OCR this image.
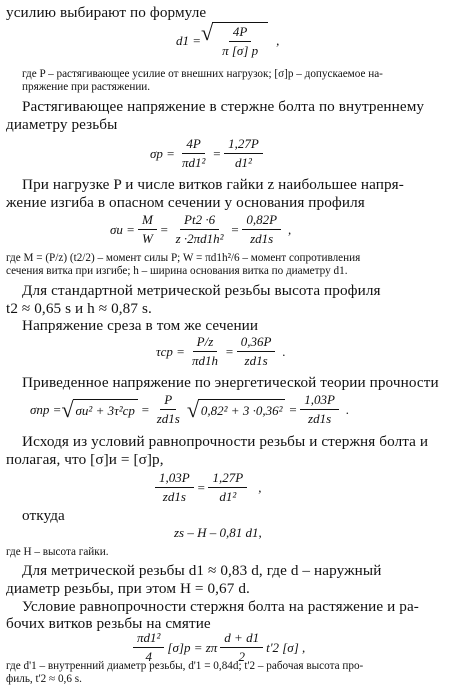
усилию выбирают по формуле
d1 = √ $\frac{4P}{\pi [\sigma] p}$ ,
где P – растягивающее усилие от внешних нагрузок; [σ]p – допускаемое на-
пряжение при растяжении.
Растягивающее напряжение в стержне болта по внутреннему
диаметру резьбы
$\sigma p = \frac{4P}{\text{πd1²}} = \frac{1,27P}{\text{d1²}}$
При нагрузке P и числе витков гайки z наибольшее напря-
жение изгиба в опасном сечении у основания профиля
$\sigma и = \frac{M}{W} = \frac{Pt2 \cdot 6}{\text{z ·2πd1h²}} = \frac{0,82P}{zd1s}$ ,
где M = (P/z) (t2/2) – момент силы P; W = πd1h²/6 – момент сопротивления
сечения витка при изгибе; h – ширина основания витка по диаметру d1.
Для стандартной метрической резьбы высота профиля
t2 ≈ 0,65 s и h ≈ 0,87 s.
Напряжение среза в том же сечении
$\tau ср = \frac{P/z}{\pi d1h} = \frac{0,36P}{zd1s}$ .
Приведенное напряжение по энергетической теории прочности
σпр = √ $\sigma и^2 + 3\tau^2ср = \frac{P}{zd1s}$ √ $0,82^2 + 3 \cdot 0,36^2 = \frac{1,03P}{zd1s}$ .
Исходя из условий равнопрочности резьбы и стержня болта и
полагая, что [σ]и = [σ]p,
$\frac{1,03P}{zd1s} = \frac{1,27P}{\text{d1²}}$ ,
откуда
zs – H – 0,81 d1,
где H – высота гайки.
Для метрической резьбы d1 ≈ 0,83 d, где d – наружный
диаметр резьбы, при этом H = 0,67 d.
Условие равнопрочности стержня болта на растяжение и ра-
бочих витков резьбы на смятие
$\frac{\text{πd1²}}{4} [\sigma]p = z\pi \frac{d + d1}{2} t'2$ [σ] ,
где d'1 – внутренний диаметр резьбы, d'1 = 0,84d; t'2 – рабочая высота про-
филь, t'2 ≈ 0,6 s.
